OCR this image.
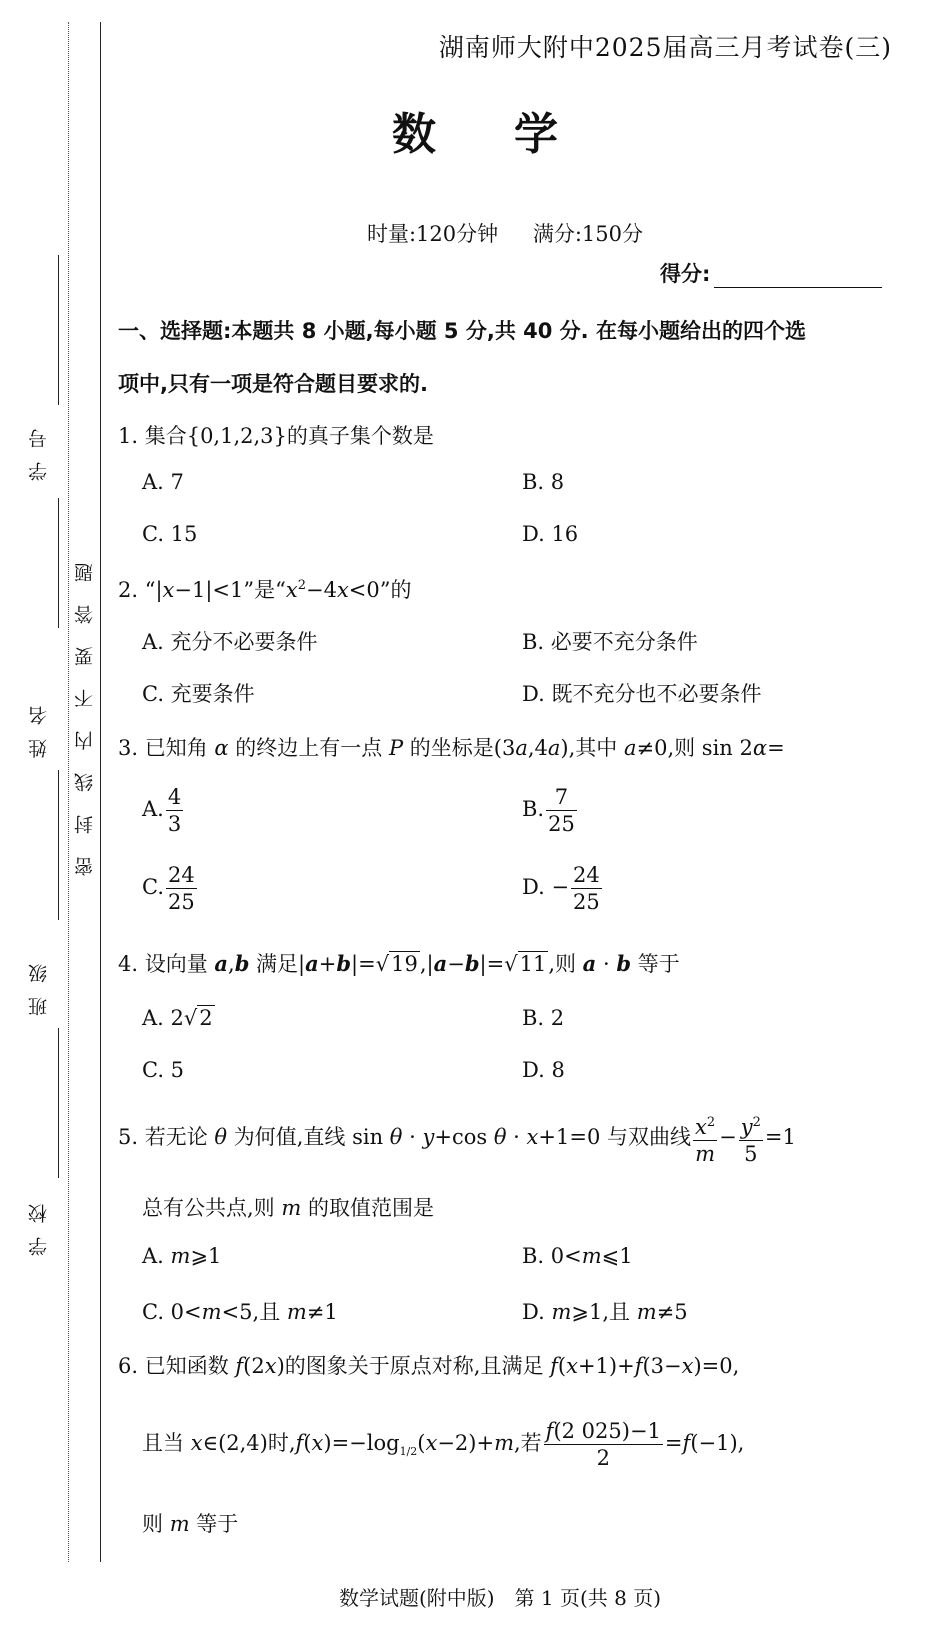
学号
姓名
班级
学校
密封线内不要答题
湖南师大附中2025届高三月考试卷(三)
数学
时量:120分钟 满分:150分
得分:
一、选择题:本题共 8 小题,每小题 5 分,共 40 分. 在每小题给出的四个选
项中,只有一项是符合题目要求的.
1. 集合{0,1,2,3}的真子集个数是
A. 7	B. 8
C. 15	D. 16
2. “|x−1|<1”是“$x^2-4x<0$”的
A. 充分不必要条件	B. 必要不充分条件
C. 充要条件	D. 既不充分也不必要条件
3. 已知角 α 的终边上有一点 P 的坐标是(3a,4a),其中 a≠0,则 sin 2α=
A. $\frac{4}{3}$	B. $\frac{7}{25}$
C. $\frac{24}{25}$	D. − $\frac{24}{25}$
4. 设向量 a,b 满足|a+b|=√19,|a−b|=√11,则 a · b 等于
A. 2√2	B. 2
C. 5	D. 8
5. 若无论 θ 为何值,直线 sin θ · y+cos θ · x+1=0 与双曲线 $\frac{x^2}{m} - \frac{y^2}{5} =1$
总有公共点,则 m 的取值范围是
A. m⩾1	B. 0<m⩽1
C. 0<m<5,且 m≠1	D. m⩾1,且 m≠5
6. 已知函数 f(2x)的图象关于原点对称,且满足 f(x+1)+f(3−x)=0,
且当 x∈(2,4)时$,f(x)=-\log_{1/2}(x-2)+m$,若 $\frac{f(2 025)-1}{2} =f(-1)$,
则 m 等于
数学试题(附中版)　第 1 页(共 8 页)
